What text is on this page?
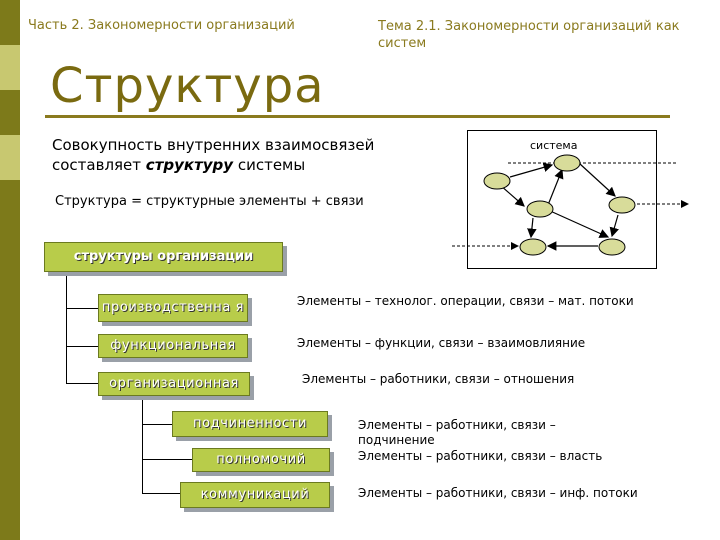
Часть 2. Закономерности организаций	Тема 2.1. Закономерности организаций как систем
Структура
Совокупность внутренних взаимосвязей составляет структуру системы
Структура = структурные элементы + связи
система
структуры организации
производственна я	Элементы – технолог. операции, связи – мат. потоки
функциональная	Элементы – функции, связи – взаимовлияние
организационная	Элементы – работники, связи – отношения
подчиненности	Элементы – работники, связи – подчинение
полномочий	Элементы – работники, связи – власть
коммуникаций	Элементы – работники, связи – инф. потоки
